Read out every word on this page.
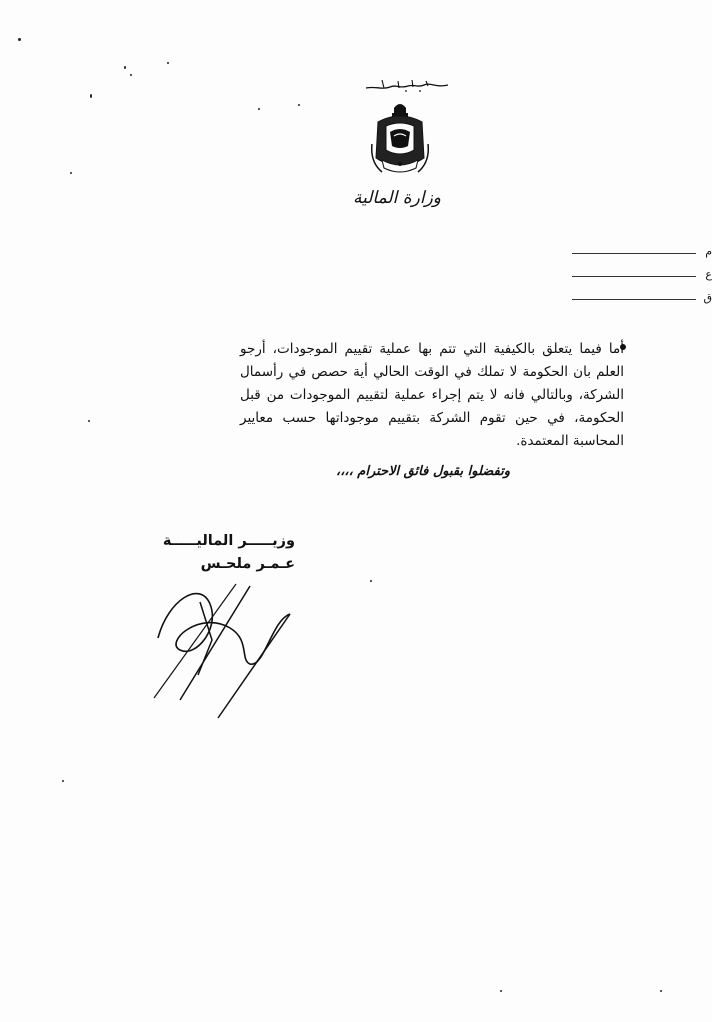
وزارة المالية
م
ع
ق
أما فيما يتعلق بالكيفية التي تتم بها عملية تقييم الموجودات، أرجو العلم بان الحكومة لا تملك في الوقت الحالي أية حصص في رأسمال الشركة، وبالتالي فانه لا يتم إجراء عملية لتقييم الموجودات من قبل الحكومة، في حين تقوم الشركة بتقييم موجوداتها حسب معايير المحاسبة المعتمدة.
وتفضلوا بقبول فائق الاحترام ،،،،
وزيـــــر الماليـــــة
عـمـر ملحـس
